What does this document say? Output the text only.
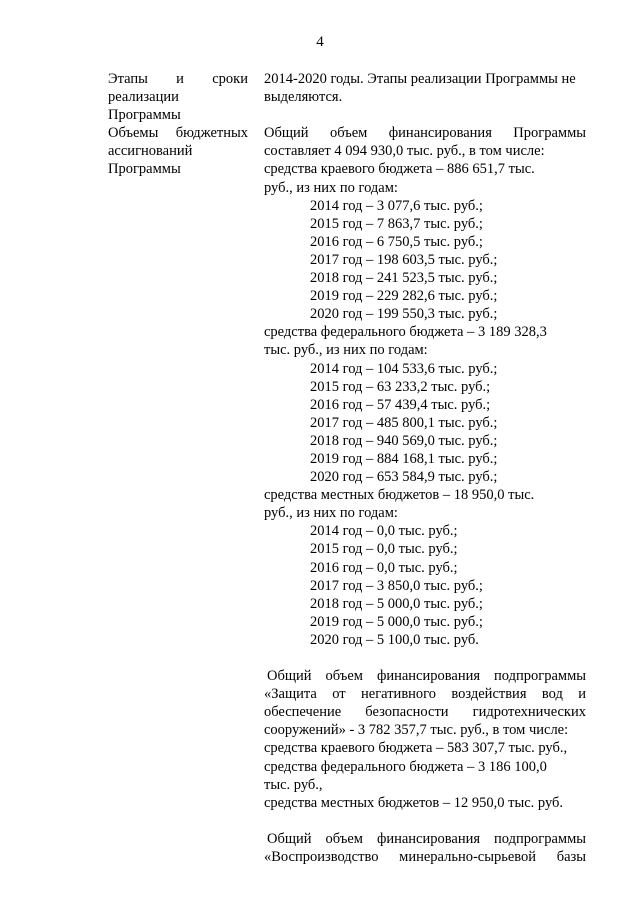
4
Этапы и сроки
реализации
Программы
2014-2020 годы. Этапы реализации Программы не
выделяются.
Объемы бюджетных
ассигнований
Программы
Общий объем финансирования Программы
составляет 4 094 930,0 тыс. руб., в том числе:
средства краевого бюджета – 886 651,7 тыс.
руб., из них по годам:
2014 год – 3 077,6 тыс. руб.;
2015 год – 7 863,7 тыс. руб.;
2016 год – 6 750,5 тыс. руб.;
2017 год – 198 603,5 тыс. руб.;
2018 год – 241 523,5 тыс. руб.;
2019 год – 229 282,6 тыс. руб.;
2020 год – 199 550,3 тыс. руб.;
средства федерального бюджета – 3 189 328,3
тыс. руб., из них по годам:
2014 год – 104 533,6 тыс. руб.;
2015 год – 63 233,2 тыс. руб.;
2016 год – 57 439,4 тыс. руб.;
2017 год – 485 800,1 тыс. руб.;
2018 год – 940 569,0 тыс. руб.;
2019 год – 884 168,1 тыс. руб.;
2020 год – 653 584,9 тыс. руб.;
средства местных бюджетов – 18 950,0 тыс.
руб., из них по годам:
2014 год – 0,0 тыс. руб.;
2015 год – 0,0 тыс. руб.;
2016 год – 0,0 тыс. руб.;
2017 год – 3 850,0 тыс. руб.;
2018 год – 5 000,0 тыс. руб.;
2019 год – 5 000,0 тыс. руб.;
2020 год – 5 100,0 тыс. руб.
Общий объем финансирования подпрограммы
«Защита от негативного воздействия вод и
обеспечение безопасности гидротехнических
сооружений» - 3 782 357,7 тыс. руб., в том числе:
средства краевого бюджета – 583 307,7 тыс. руб.,
средства федерального бюджета – 3 186 100,0
тыс. руб.,
средства местных бюджетов – 12 950,0 тыс. руб.
Общий объем финансирования подпрограммы
«Воспроизводство минерально-сырьевой базы
